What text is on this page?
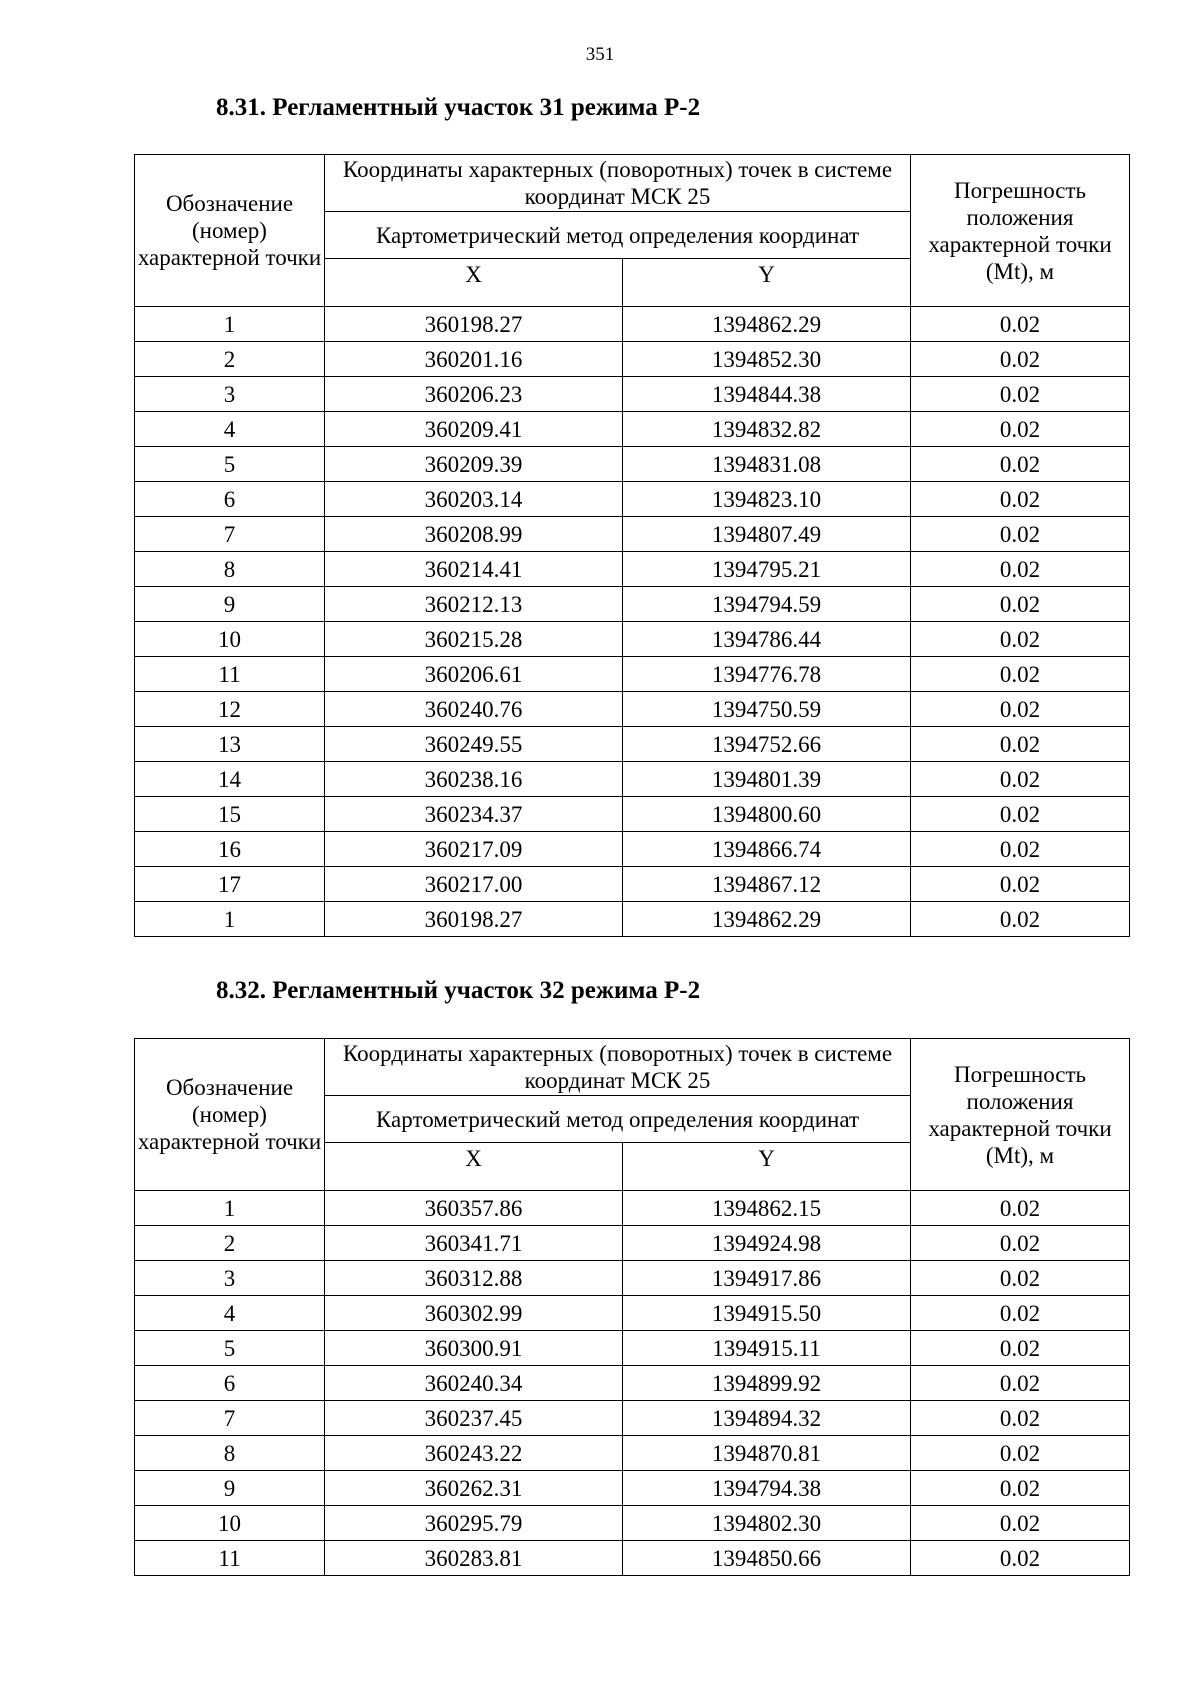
351
8.31. Регламентный участок 31 режима Р-2
Обозначение (номер) характерной точки	Координаты характерных (поворотных) точек в системе координат МСК 25		Погрешность положения характерной точки (Mt), м
	Картометрический метод определения координат		
	X	Y	
1	360198.27	1394862.29	0.02
2	360201.16	1394852.30	0.02
3	360206.23	1394844.38	0.02
4	360209.41	1394832.82	0.02
5	360209.39	1394831.08	0.02
6	360203.14	1394823.10	0.02
7	360208.99	1394807.49	0.02
8	360214.41	1394795.21	0.02
9	360212.13	1394794.59	0.02
10	360215.28	1394786.44	0.02
11	360206.61	1394776.78	0.02
12	360240.76	1394750.59	0.02
13	360249.55	1394752.66	0.02
14	360238.16	1394801.39	0.02
15	360234.37	1394800.60	0.02
16	360217.09	1394866.74	0.02
17	360217.00	1394867.12	0.02
1	360198.27	1394862.29	0.02
8.32. Регламентный участок 32 режима Р-2
Обозначение (номер) характерной точки	Координаты характерных (поворотных) точек в системе координат МСК 25		Погрешность положения характерной точки (Mt), м
	Картометрический метод определения координат		
	X	Y	
1	360357.86	1394862.15	0.02
2	360341.71	1394924.98	0.02
3	360312.88	1394917.86	0.02
4	360302.99	1394915.50	0.02
5	360300.91	1394915.11	0.02
6	360240.34	1394899.92	0.02
7	360237.45	1394894.32	0.02
8	360243.22	1394870.81	0.02
9	360262.31	1394794.38	0.02
10	360295.79	1394802.30	0.02
11	360283.81	1394850.66	0.02
